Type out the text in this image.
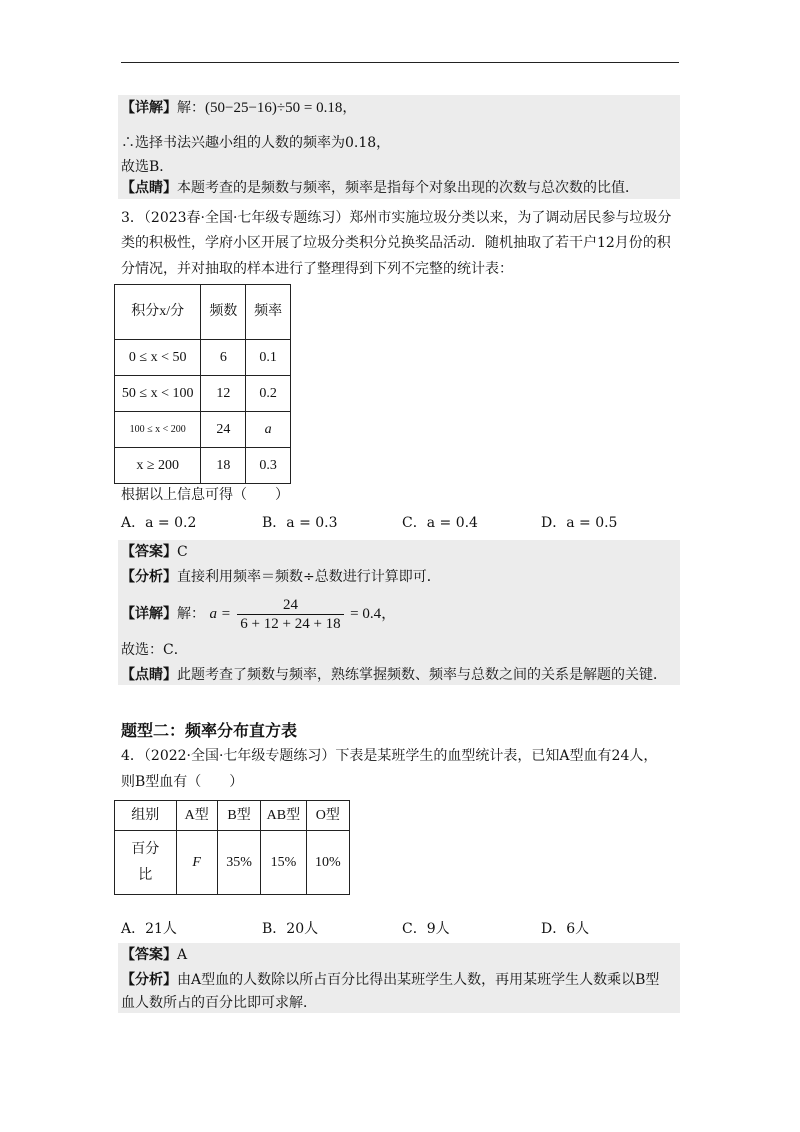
【详解】解：(50−25−16)÷50 = 0.18，
∴选择书法兴趣小组的人数的频率为0.18，
故选B．
【点睛】本题考查的是频数与频率，频率是指每个对象出现的次数与总次数的比值．
3．（2023春·全国·七年级专题练习）郑州市实施垃圾分类以来，为了调动居民参与垃圾分
类的积极性，学府小区开展了垃圾分类积分兑换奖品活动．随机抽取了若干户12月份的积
分情况，并对抽取的样本进行了整理得到下列不完整的统计表：
积分x/分	频数	频率
0 ≤ x < 50	6	0.1
50 ≤ x < 100	12	0.2
100 ≤ x < 200	24	a
x ≥ 200	18	0.3
根据以上信息可得（　　）
A．a = 0.2	B．a = 0.3	C．a = 0.4	D．a = 0.5
【答案】C
【分析】直接利用频率＝频数÷总数进行计算即可．
【详解】解： $a = \frac{24}{6 + 12 + 24 + 18} = 0.4$，
故选：C．
【点睛】此题考查了频数与频率，熟练掌握频数、频率与总数之间的关系是解题的关键．
题型二：频率分布直方表
4．（2022·全国·七年级专题练习）下表是某班学生的血型统计表，已知A型血有24人，
则B型血有（　　）
组别	A型	B型	AB型	O型
百分比	F	35%	15%	10%
A．21人	B．20人	C．9人	D．6人
【答案】A
【分析】由A型血的人数除以所占百分比得出某班学生人数，再用某班学生人数乘以B型
血人数所占的百分比即可求解．
